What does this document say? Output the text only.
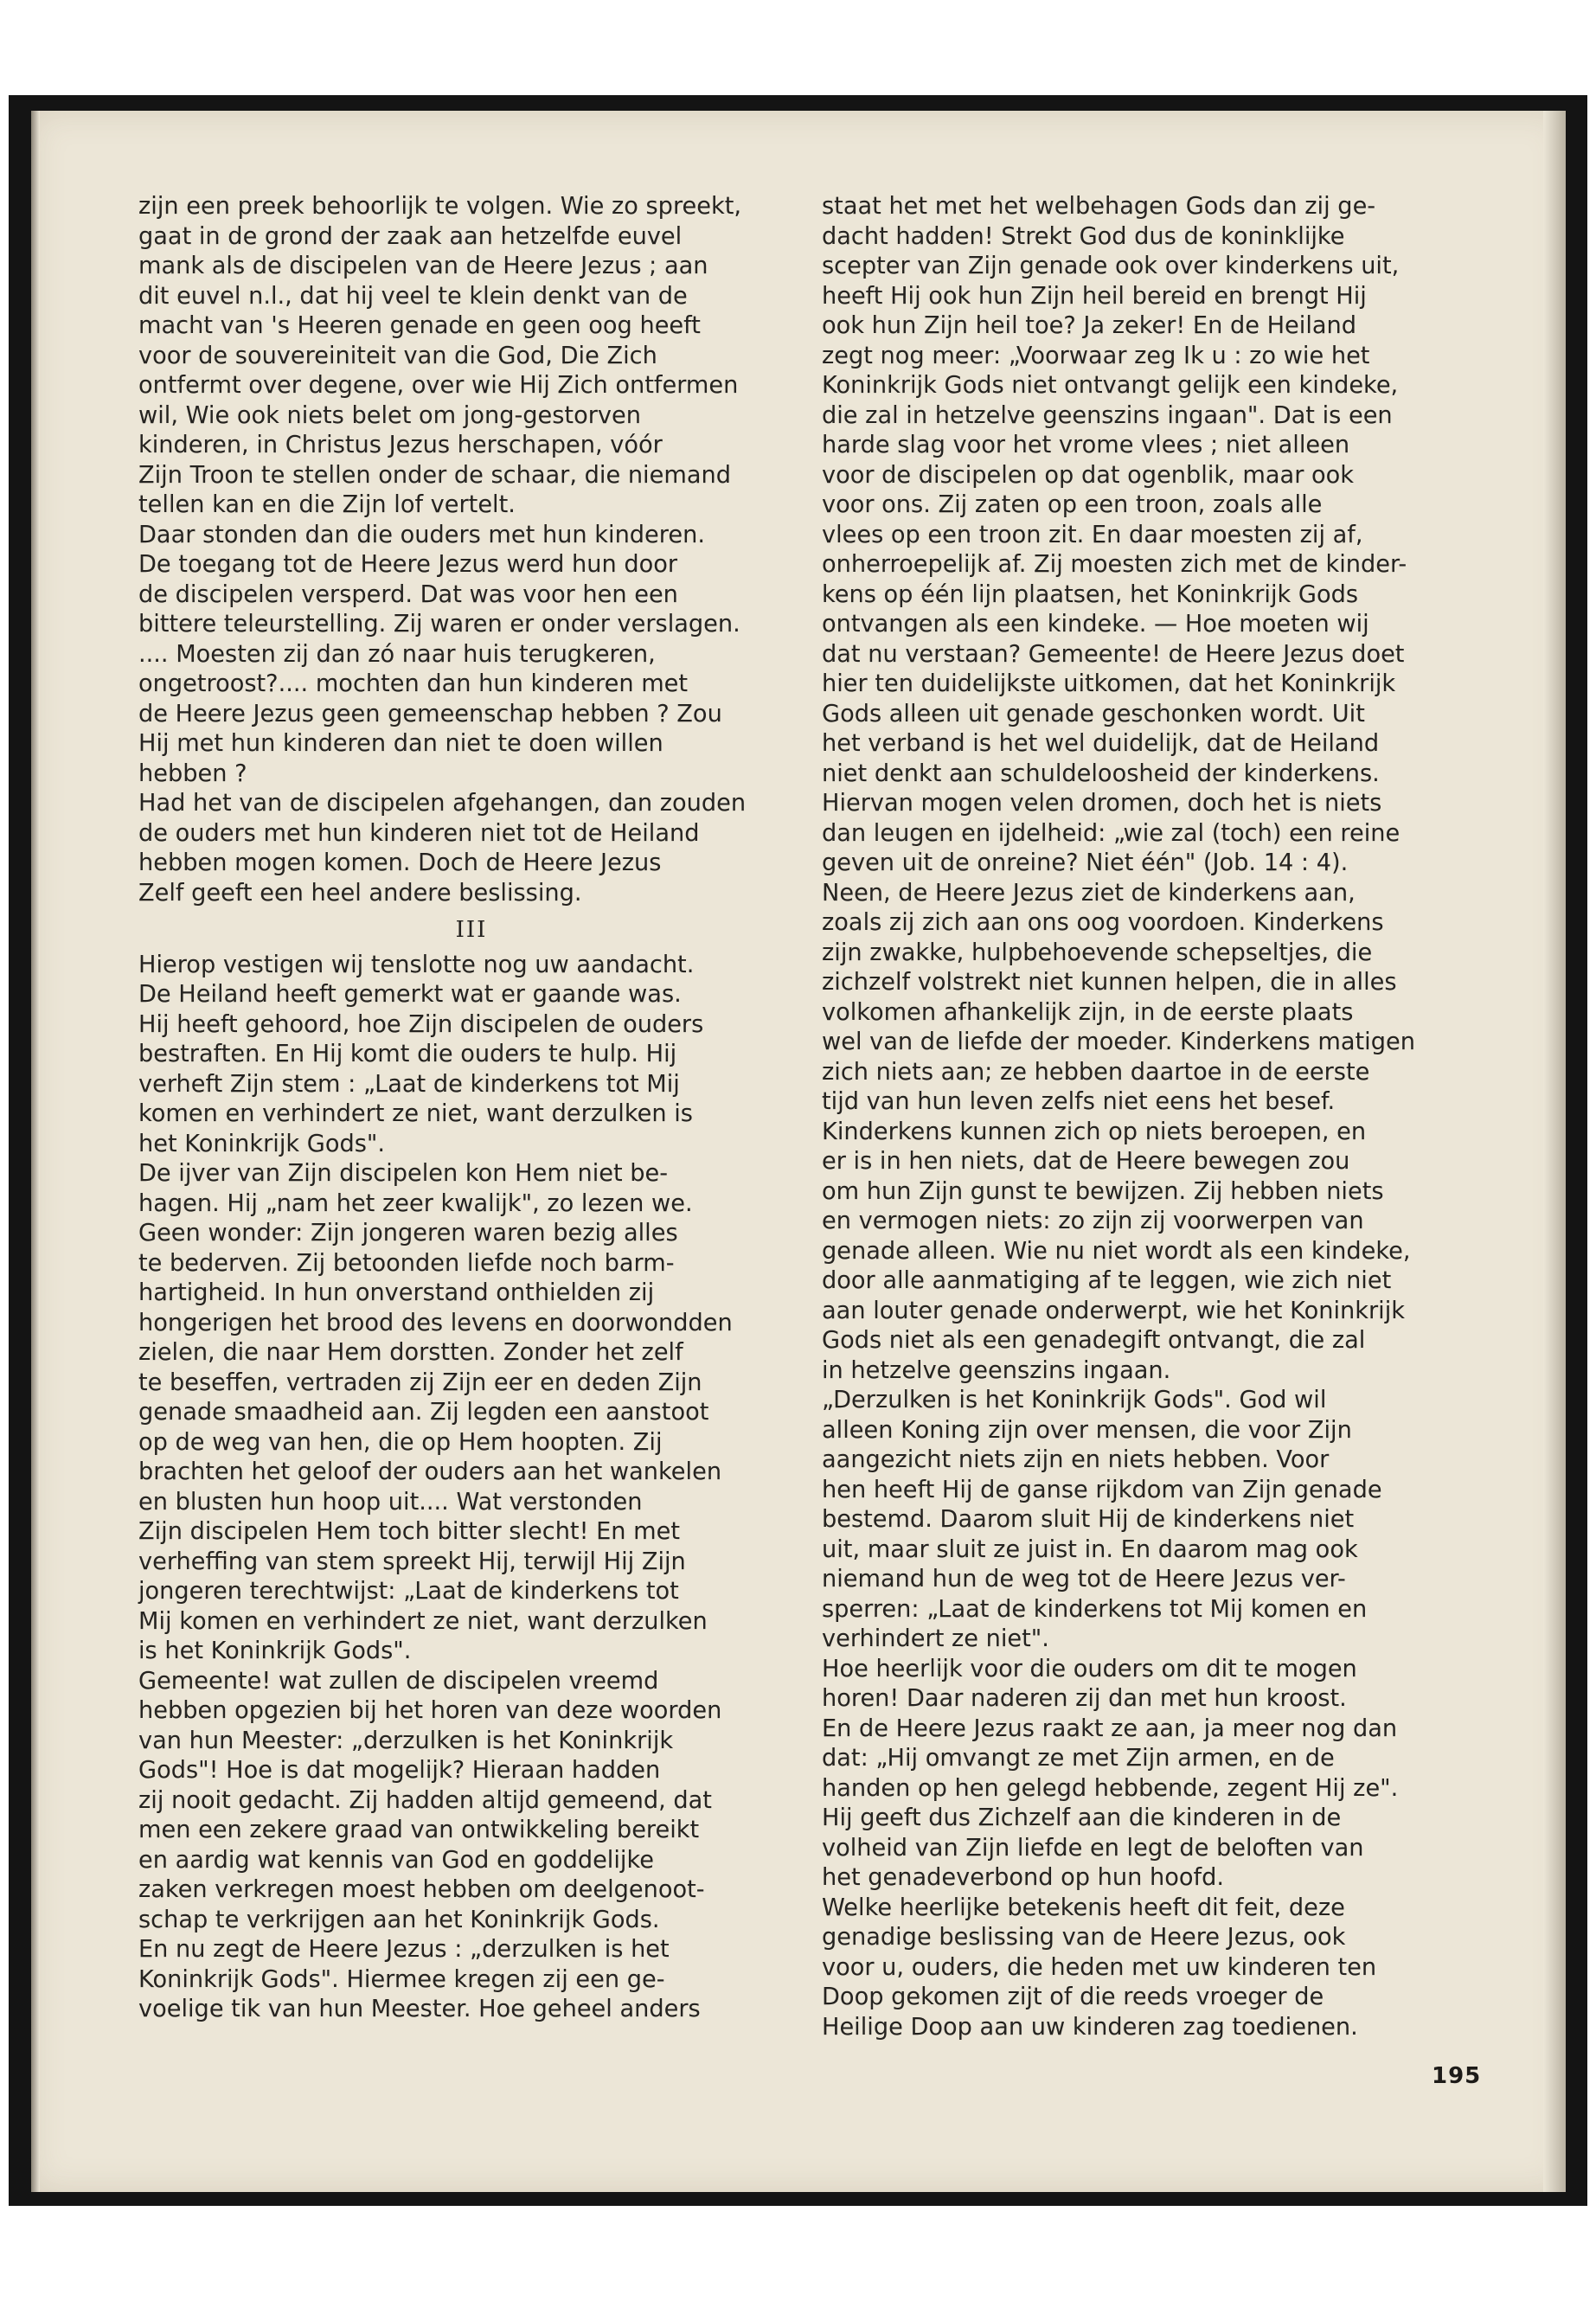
zijn een preek behoorlijk te volgen. Wie zo spreekt,
gaat in de grond der zaak aan hetzelfde euvel
mank als de discipelen van de Heere Jezus ; aan
dit euvel n.l., dat hij veel te klein denkt van de
macht van 's Heeren genade en geen oog heeft
voor de souvereiniteit van die God, Die Zich
ontfermt over degene, over wie Hij Zich ontfermen
wil, Wie ook niets belet om jong-gestorven
kinderen, in Christus Jezus herschapen, vóór
Zijn Troon te stellen onder de schaar, die niemand
tellen kan en die Zijn lof vertelt.

Daar stonden dan die ouders met hun kinderen.
De toegang tot de Heere Jezus werd hun door
de discipelen versperd. Dat was voor hen een
bittere teleurstelling. Zij waren er onder verslagen.
.... Moesten zij dan zó naar huis terugkeren,
ongetroost?.... mochten dan hun kinderen met
de Heere Jezus geen gemeenschap hebben ? Zou
Hij met hun kinderen dan niet te doen willen
hebben ?

Had het van de discipelen afgehangen, dan zouden
de ouders met hun kinderen niet tot de Heiland
hebben mogen komen. Doch de Heere Jezus
Zelf geeft een heel andere beslissing.

III

Hierop vestigen wij tenslotte nog uw aandacht.
De Heiland heeft gemerkt wat er gaande was.
Hij heeft gehoord, hoe Zijn discipelen de ouders
bestraften. En Hij komt die ouders te hulp. Hij
verheft Zijn stem : „Laat de kinderkens tot Mij
komen en verhindert ze niet, want derzulken is
het Koninkrijk Gods".

De ijver van Zijn discipelen kon Hem niet be-
hagen. Hij „nam het zeer kwalijk", zo lezen we.
Geen wonder: Zijn jongeren waren bezig alles
te bederven. Zij betoonden liefde noch barm-
hartigheid. In hun onverstand onthielden zij
hongerigen het brood des levens en doorwondden
zielen, die naar Hem dorstten. Zonder het zelf
te beseffen, vertraden zij Zijn eer en deden Zijn
genade smaadheid aan. Zij legden een aanstoot
op de weg van hen, die op Hem hoopten. Zij
brachten het geloof der ouders aan het wankelen
en blusten hun hoop uit.... Wat verstonden
Zijn discipelen Hem toch bitter slecht! En met
verheffing van stem spreekt Hij, terwijl Hij Zijn
jongeren terechtwijst: „Laat de kinderkens tot
Mij komen en verhindert ze niet, want derzulken
is het Koninkrijk Gods".

Gemeente! wat zullen de discipelen vreemd
hebben opgezien bij het horen van deze woorden
van hun Meester: „derzulken is het Koninkrijk
Gods"! Hoe is dat mogelijk? Hieraan hadden
zij nooit gedacht. Zij hadden altijd gemeend, dat
men een zekere graad van ontwikkeling bereikt
en aardig wat kennis van God en goddelijke
zaken verkregen moest hebben om deelgenoot-
schap te verkrijgen aan het Koninkrijk Gods.
En nu zegt de Heere Jezus : „derzulken is het
Koninkrijk Gods". Hiermee kregen zij een ge-
voelige tik van hun Meester. Hoe geheel anders

staat het met het welbehagen Gods dan zij ge-
dacht hadden! Strekt God dus de koninklijke
scepter van Zijn genade ook over kinderkens uit,
heeft Hij ook hun Zijn heil bereid en brengt Hij
ook hun Zijn heil toe? Ja zeker! En de Heiland
zegt nog meer: „Voorwaar zeg Ik u : zo wie het
Koninkrijk Gods niet ontvangt gelijk een kindeke,
die zal in hetzelve geenszins ingaan". Dat is een
harde slag voor het vrome vlees ; niet alleen
voor de discipelen op dat ogenblik, maar ook
voor ons. Zij zaten op een troon, zoals alle
vlees op een troon zit. En daar moesten zij af,
onherroepelijk af. Zij moesten zich met de kinder-
kens op één lijn plaatsen, het Koninkrijk Gods
ontvangen als een kindeke. — Hoe moeten wij
dat nu verstaan? Gemeente! de Heere Jezus doet
hier ten duidelijkste uitkomen, dat het Koninkrijk
Gods alleen uit genade geschonken wordt. Uit
het verband is het wel duidelijk, dat de Heiland
niet denkt aan schuldeloosheid der kinderkens.

Hiervan mogen velen dromen, doch het is niets
dan leugen en ijdelheid: „wie zal (toch) een reine
geven uit de onreine? Niet één" (Job. 14 : 4).
Neen, de Heere Jezus ziet de kinderkens aan,
zoals zij zich aan ons oog voordoen. Kinderkens
zijn zwakke, hulpbehoevende schepseltjes, die
zichzelf volstrekt niet kunnen helpen, die in alles
volkomen afhankelijk zijn, in de eerste plaats
wel van de liefde der moeder. Kinderkens matigen
zich niets aan; ze hebben daartoe in de eerste
tijd van hun leven zelfs niet eens het besef.
Kinderkens kunnen zich op niets beroepen, en
er is in hen niets, dat de Heere bewegen zou
om hun Zijn gunst te bewijzen. Zij hebben niets
en vermogen niets: zo zijn zij voorwerpen van
genade alleen. Wie nu niet wordt als een kindeke,
door alle aanmatiging af te leggen, wie zich niet
aan louter genade onderwerpt, wie het Koninkrijk
Gods niet als een genadegift ontvangt, die zal
in hetzelve geenszins ingaan.

„Derzulken is het Koninkrijk Gods". God wil
alleen Koning zijn over mensen, die voor Zijn
aangezicht niets zijn en niets hebben. Voor
hen heeft Hij de ganse rijkdom van Zijn genade
bestemd. Daarom sluit Hij de kinderkens niet
uit, maar sluit ze juist in. En daarom mag ook
niemand hun de weg tot de Heere Jezus ver-
sperren: „Laat de kinderkens tot Mij komen en
verhindert ze niet".

Hoe heerlijk voor die ouders om dit te mogen
horen! Daar naderen zij dan met hun kroost.
En de Heere Jezus raakt ze aan, ja meer nog dan
dat: „Hij omvangt ze met Zijn armen, en de
handen op hen gelegd hebbende, zegent Hij ze".
Hij geeft dus Zichzelf aan die kinderen in de
volheid van Zijn liefde en legt de beloften van
het genadeverbond op hun hoofd.

Welke heerlijke betekenis heeft dit feit, deze
genadige beslissing van de Heere Jezus, ook
voor u, ouders, die heden met uw kinderen ten
Doop gekomen zijt of die reeds vroeger de
Heilige Doop aan uw kinderen zag toedienen.

195
